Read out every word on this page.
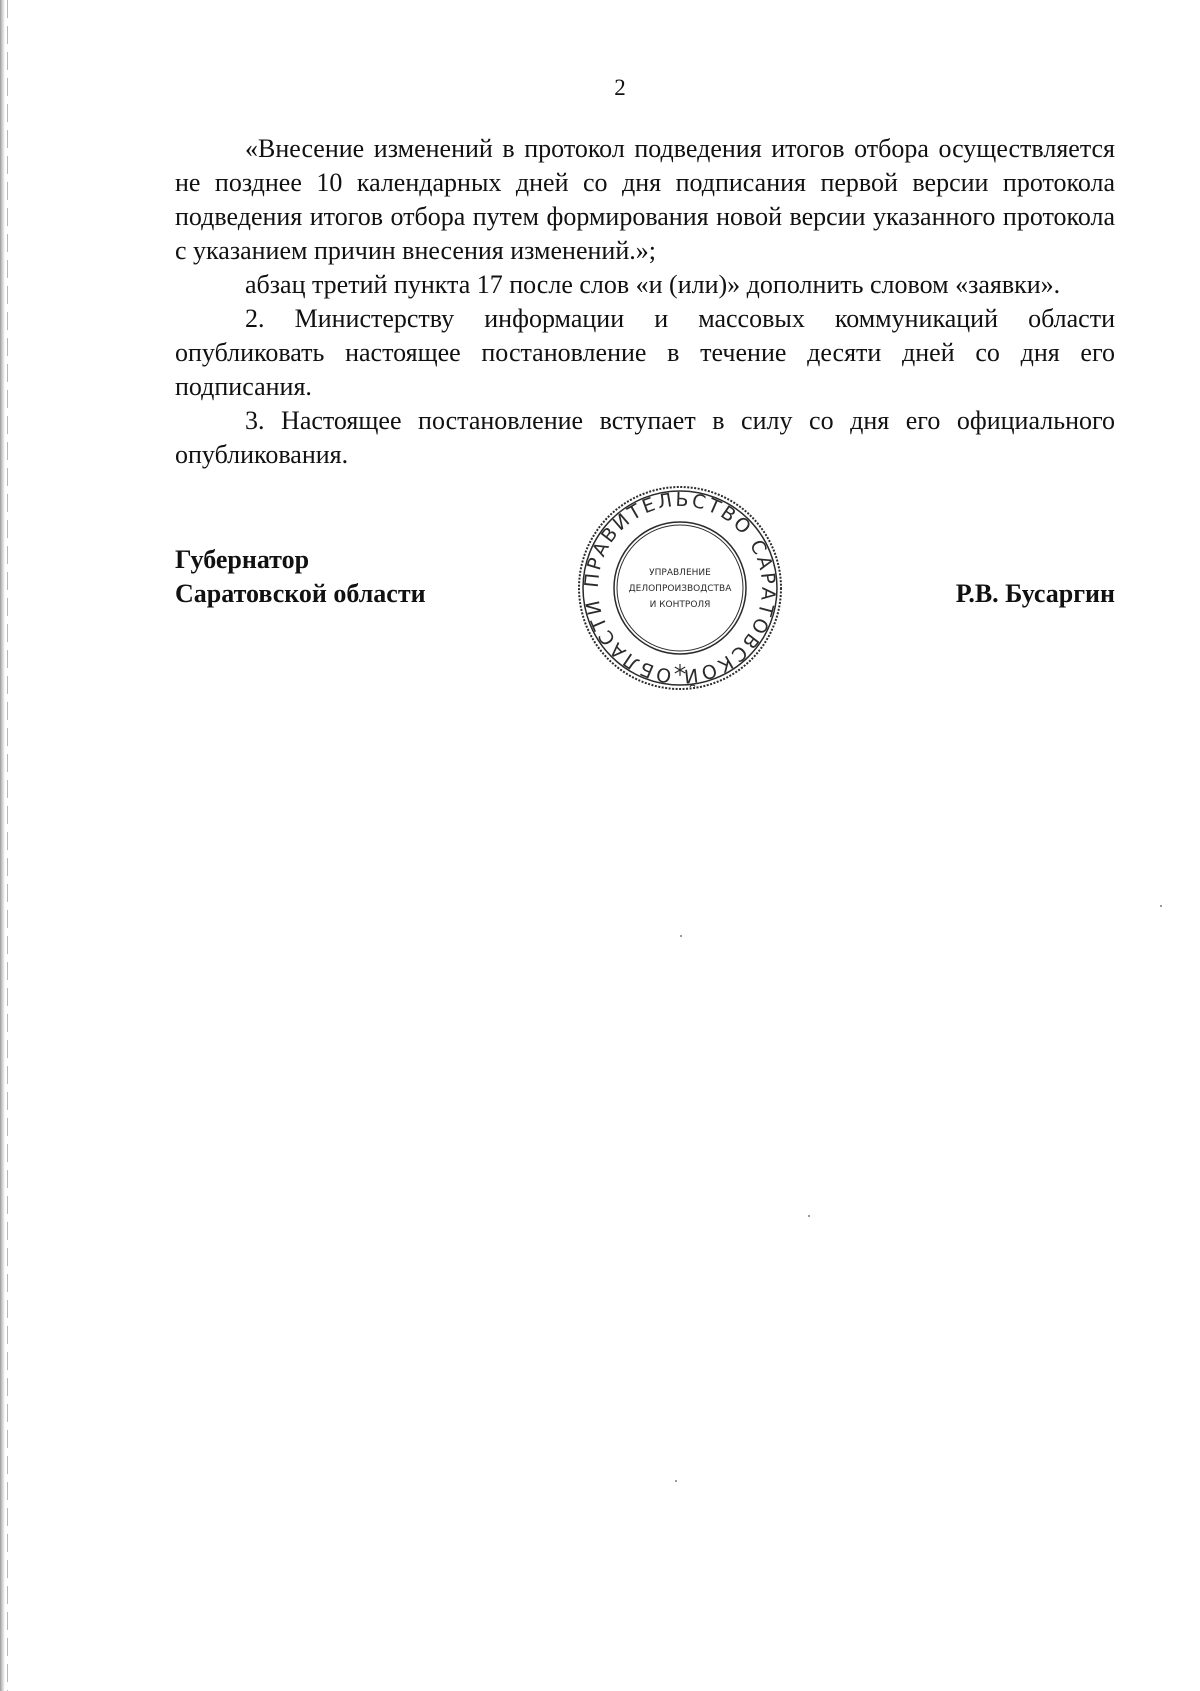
2

«Внесение изменений в протокол подведения итогов отбора осуществляется не позднее 10 календарных дней со дня подписания первой версии протокола подведения итогов отбора путем формирования новой версии указанного протокола с указанием причин внесения изменений.»;

абзац третий пункта 17 после слов «и (или)» дополнить словом «заявки».

2. Министерству информации и массовых коммуникаций области опубликовать настоящее постановление в течение десяти дней со дня его подписания.

3. Настоящее постановление вступает в силу со дня его официального опубликования.

Губернатор
Саратовской области	Р.В. Бусаргин
ПРАВИТЕЛЬСТВО САРАТОВСКОЙ ОБЛАСТИ
УПРАВЛЕНИЕ
ДЕЛОПРОИЗВОДСТВА
И КОНТРОЛЯ
